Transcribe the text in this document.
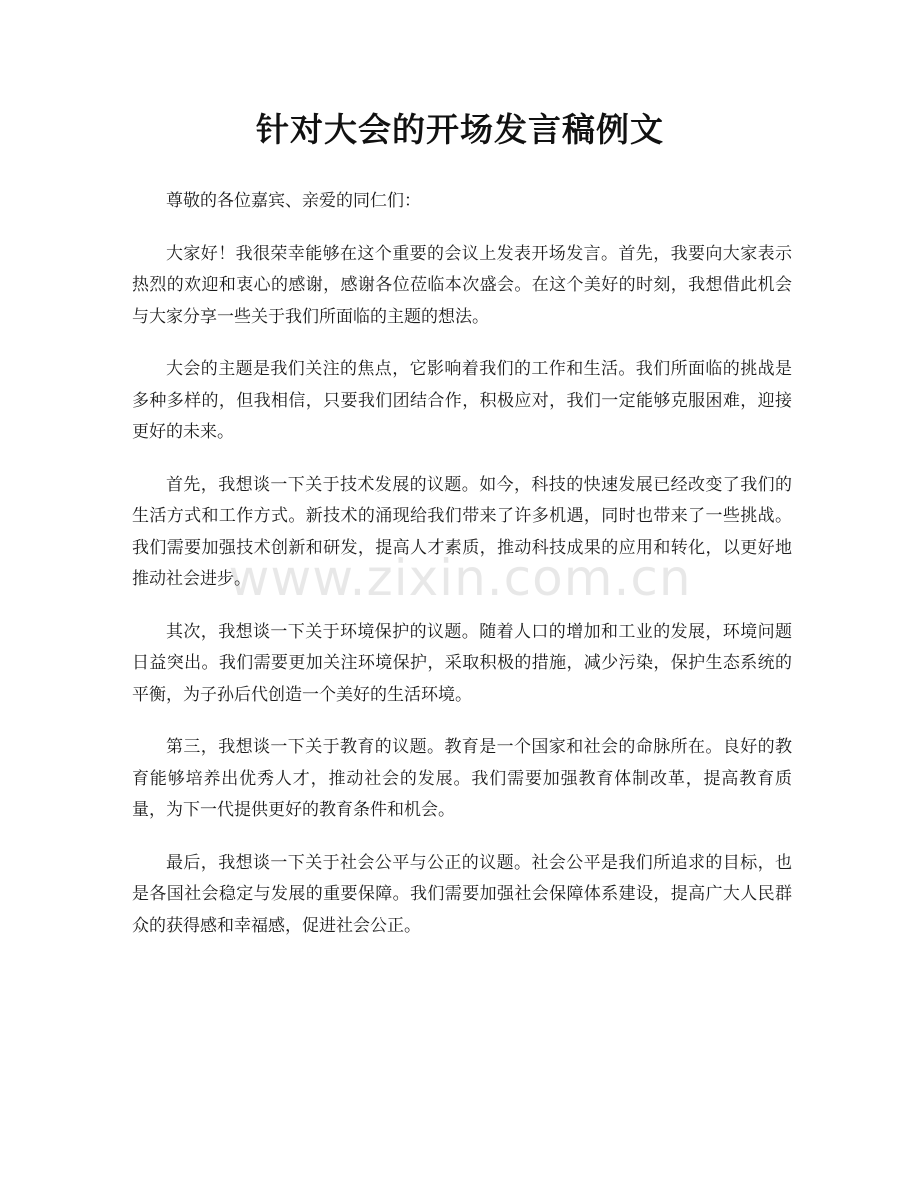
针对大会的开场发言稿例文

尊敬的各位嘉宾、亲爱的同仁们：

大家好！我很荣幸能够在这个重要的会议上发表开场发言。首先，我要向大家表示热烈的欢迎和衷心的感谢，感谢各位莅临本次盛会。在这个美好的时刻，我想借此机会与大家分享一些关于我们所面临的主题的想法。

大会的主题是我们关注的焦点，它影响着我们的工作和生活。我们所面临的挑战是多种多样的，但我相信，只要我们团结合作，积极应对，我们一定能够克服困难，迎接更好的未来。

首先，我想谈一下关于技术发展的议题。如今，科技的快速发展已经改变了我们的生活方式和工作方式。新技术的涌现给我们带来了许多机遇，同时也带来了一些挑战。我们需要加强技术创新和研发，提高人才素质，推动科技成果的应用和转化，以更好地推动社会进步。

其次，我想谈一下关于环境保护的议题。随着人口的增加和工业的发展，环境问题日益突出。我们需要更加关注环境保护，采取积极的措施，减少污染，保护生态系统的平衡，为子孙后代创造一个美好的生活环境。

第三，我想谈一下关于教育的议题。教育是一个国家和社会的命脉所在。良好的教育能够培养出优秀人才，推动社会的发展。我们需要加强教育体制改革，提高教育质量，为下一代提供更好的教育条件和机会。

最后，我想谈一下关于社会公平与公正的议题。社会公平是我们所追求的目标，也是各国社会稳定与发展的重要保障。我们需要加强社会保障体系建设，提高广大人民群众的获得感和幸福感，促进社会公正。

www.zixin.com.cn
